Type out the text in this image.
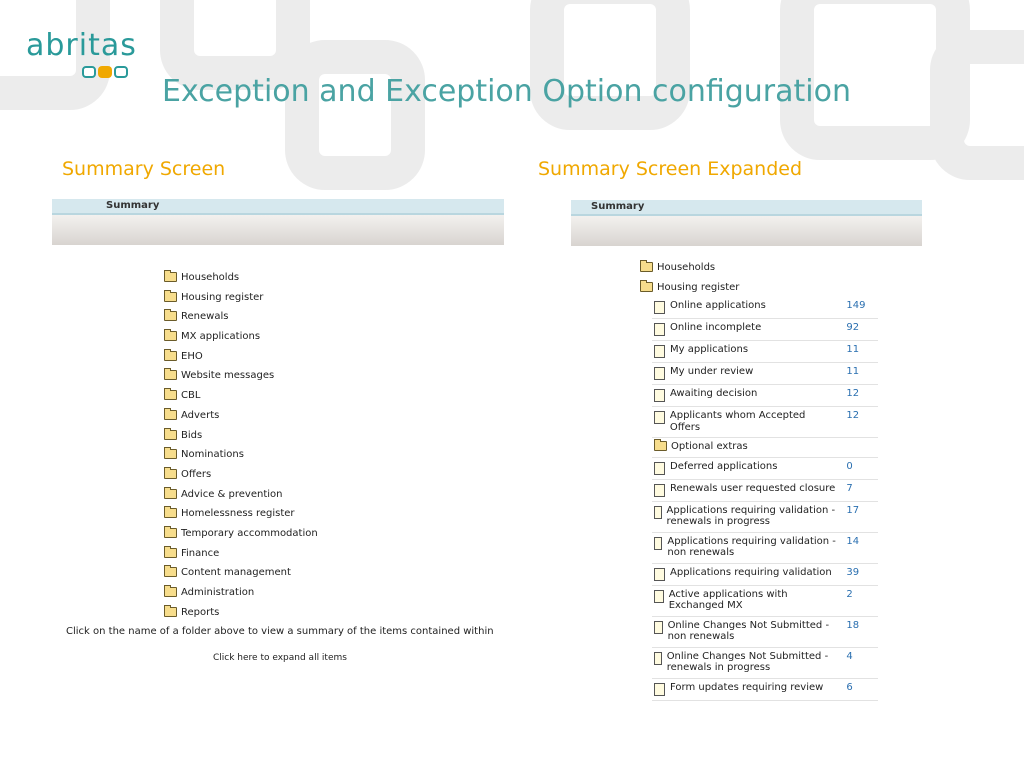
abritas
Exception and Exception Option configuration
Summary Screen
Summary
Households
Housing register
Renewals
MX applications
EHO
Website messages
CBL
Adverts
Bids
Nominations
Offers
Advice & prevention
Homelessness register
Temporary accommodation
Finance
Content management
Administration
Reports
Click on the name of a folder above to view a summary of the items contained within
Click here to expand all items
Summary Screen Expanded
Summary
Households
Housing register
Online applications	149

Online incomplete	92

My applications	11

My under review	11

Awaiting decision	12

Applicants whom Accepted Offers	12

Optional extras	

Deferred applications	0

Renewals user requested closure	7

Applications requiring validation - renewals in progress	17

Applications requiring validation - non renewals	14

Applications requiring validation	39

Active applications with Exchanged MX	2

Online Changes Not Submitted - non renewals	18

Online Changes Not Submitted - renewals in progress	4

Form updates requiring review	6
